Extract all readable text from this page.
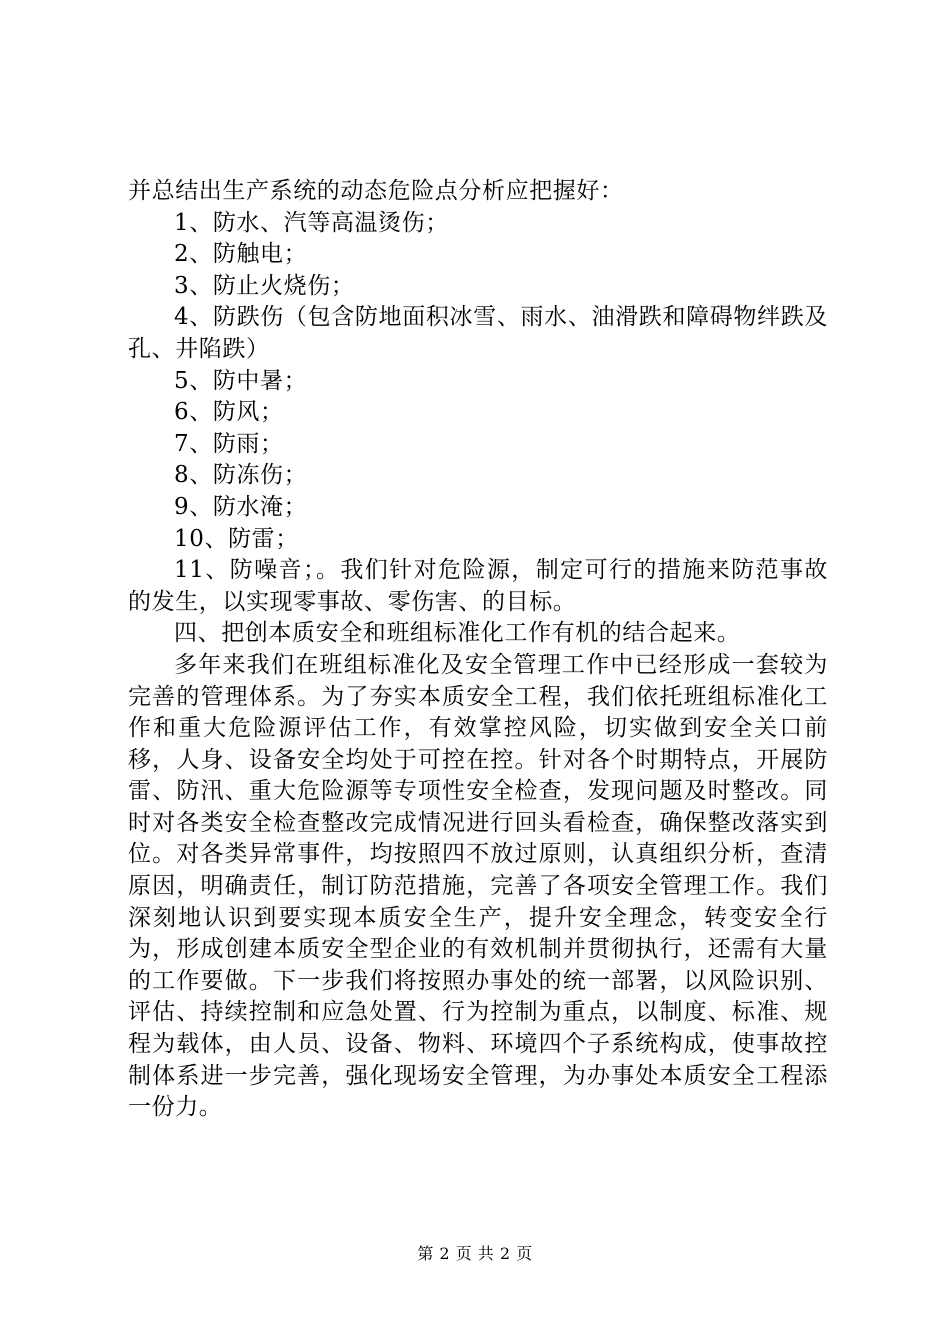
并总结出生产系统的动态危险点分析应把握好：

1、防水、汽等高温烫伤；

2、防触电；

3、防止火烧伤；

4、防跌伤（包含防地面积冰雪、雨水、油滑跌和障碍物绊跌及孔、井陷跌）

5、防中暑；

6、防风；

7、防雨；

8、防冻伤；

9、防水淹；

10、防雷；

11、防噪音；。我们针对危险源，制定可行的措施来防范事故的发生，以实现零事故、零伤害、的目标。

四、把创本质安全和班组标准化工作有机的结合起来。

多年来我们在班组标准化及安全管理工作中已经形成一套较为完善的管理体系。为了夯实本质安全工程，我们依托班组标准化工作和重大危险源评估工作，有效掌控风险，切实做到安全关口前移，人身、设备安全均处于可控在控。针对各个时期特点，开展防雷、防汛、重大危险源等专项性安全检查，发现问题及时整改。同时对各类安全检查整改完成情况进行回头看检查，确保整改落实到位。对各类异常事件，均按照四不放过原则，认真组织分析，查清原因，明确责任，制订防范措施，完善了各项安全管理工作。我们深刻地认识到要实现本质安全生产，提升安全理念，转变安全行为，形成创建本质安全型企业的有效机制并贯彻执行，还需有大量的工作要做。下一步我们将按照办事处的统一部署，以风险识别、评估、持续控制和应急处置、行为控制为重点，以制度、标准、规程为载体，由人员、设备、物料、环境四个子系统构成，使事故控制体系进一步完善，强化现场安全管理，为办事处本质安全工程添一份力。

第 2 页 共 2 页
